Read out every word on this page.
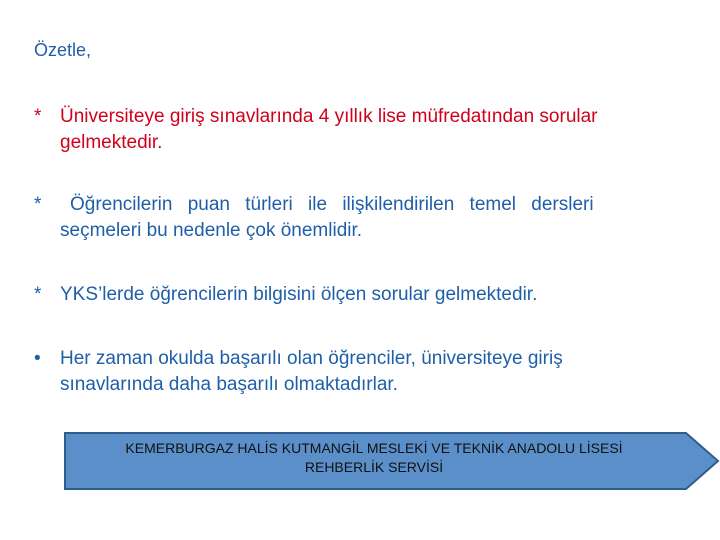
Özetle,
* Üniversiteye giriş sınavlarında 4 yıllık lise müfredatından sorular
gelmektedir.
*	Öğrencilerin puan türleri ile ilişkilendirilen temel dersleri
seçmeleri bu nedenle çok önemlidir.
* YKS’lerde öğrencilerin bilgisini ölçen sorular gelmektedir.
•	Her zaman okulda başarılı olan öğrenciler, üniversiteye giriş
sınavlarında daha başarılı olmaktadırlar.
KEMERBURGAZ HALİS KUTMANGİL MESLEKİ VE TEKNİK ANADOLU LİSESİ
REHBERLİK SERVİSİ
